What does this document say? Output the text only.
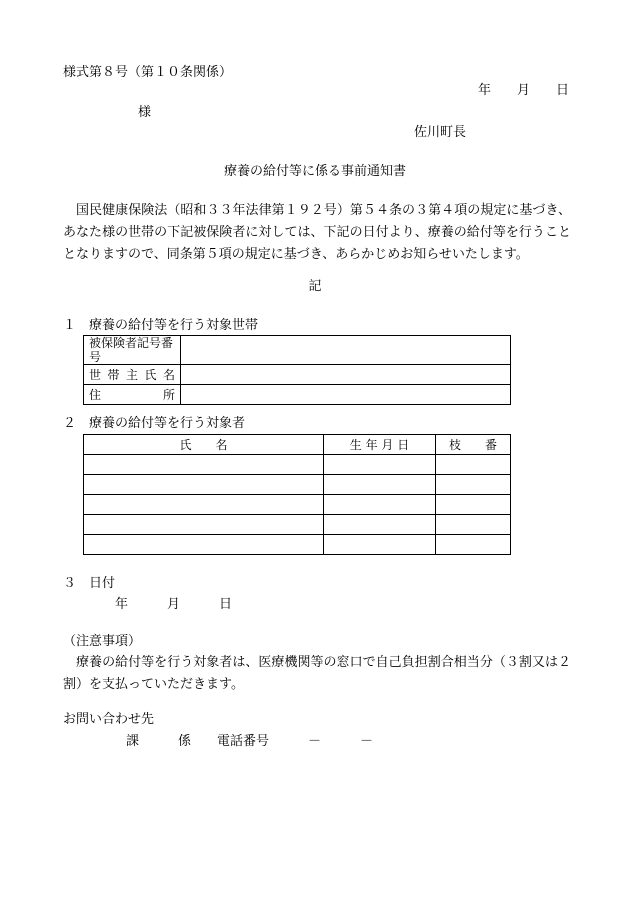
様式第８号（第１０条関係）
年　　月　　日
様
佐川町長
療養の給付等に係る事前通知書
　国民健康保険法（昭和３３年法律第１９２号）第５４条の３第４項の規定に基づき、あなた様の世帯の下記被保険者に対しては、下記の日付より、療養の給付等を行うこととなりますので、同条第５項の規定に基づき、あらかじめお知らせいたします。
記
１　療養の給付等を行う対象世帯
被保険者記号番号	
世帯主氏名	
住所	
２　療養の給付等を行う対象者
氏　　名	生 年 月 日	枝　　番

３　日付
年　　　月　　　日
（注意事項）
　療養の給付等を行う対象者は、医療機関等の窓口で自己負担割合相当分（３割又は２割）を支払っていただきます。
お問い合わせ先
課　　　係　　電話番号　　　－　　　－
